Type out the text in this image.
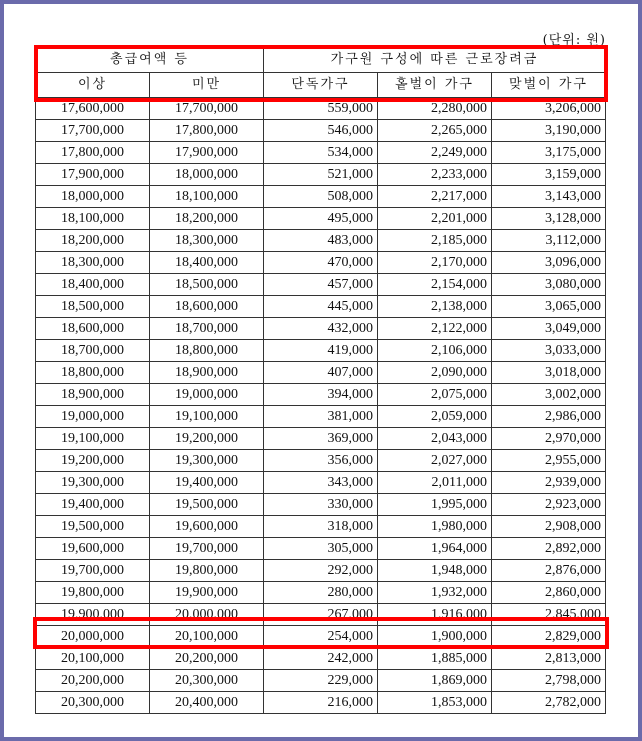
(단위: 원)
총급여액 등		가구원 구성에 따른 근로장려금		
이상	미만	단독가구	홑벌이 가구	맞벌이 가구
17,600,000	17,700,000	559,000	2,280,000	3,206,000
17,700,000	17,800,000	546,000	2,265,000	3,190,000
17,800,000	17,900,000	534,000	2,249,000	3,175,000
17,900,000	18,000,000	521,000	2,233,000	3,159,000
18,000,000	18,100,000	508,000	2,217,000	3,143,000
18,100,000	18,200,000	495,000	2,201,000	3,128,000
18,200,000	18,300,000	483,000	2,185,000	3,112,000
18,300,000	18,400,000	470,000	2,170,000	3,096,000
18,400,000	18,500,000	457,000	2,154,000	3,080,000
18,500,000	18,600,000	445,000	2,138,000	3,065,000
18,600,000	18,700,000	432,000	2,122,000	3,049,000
18,700,000	18,800,000	419,000	2,106,000	3,033,000
18,800,000	18,900,000	407,000	2,090,000	3,018,000
18,900,000	19,000,000	394,000	2,075,000	3,002,000
19,000,000	19,100,000	381,000	2,059,000	2,986,000
19,100,000	19,200,000	369,000	2,043,000	2,970,000
19,200,000	19,300,000	356,000	2,027,000	2,955,000
19,300,000	19,400,000	343,000	2,011,000	2,939,000
19,400,000	19,500,000	330,000	1,995,000	2,923,000
19,500,000	19,600,000	318,000	1,980,000	2,908,000
19,600,000	19,700,000	305,000	1,964,000	2,892,000
19,700,000	19,800,000	292,000	1,948,000	2,876,000
19,800,000	19,900,000	280,000	1,932,000	2,860,000
19,900,000	20,000,000	267,000	1,916,000	2,845,000
20,000,000	20,100,000	254,000	1,900,000	2,829,000
20,100,000	20,200,000	242,000	1,885,000	2,813,000
20,200,000	20,300,000	229,000	1,869,000	2,798,000
20,300,000	20,400,000	216,000	1,853,000	2,782,000
